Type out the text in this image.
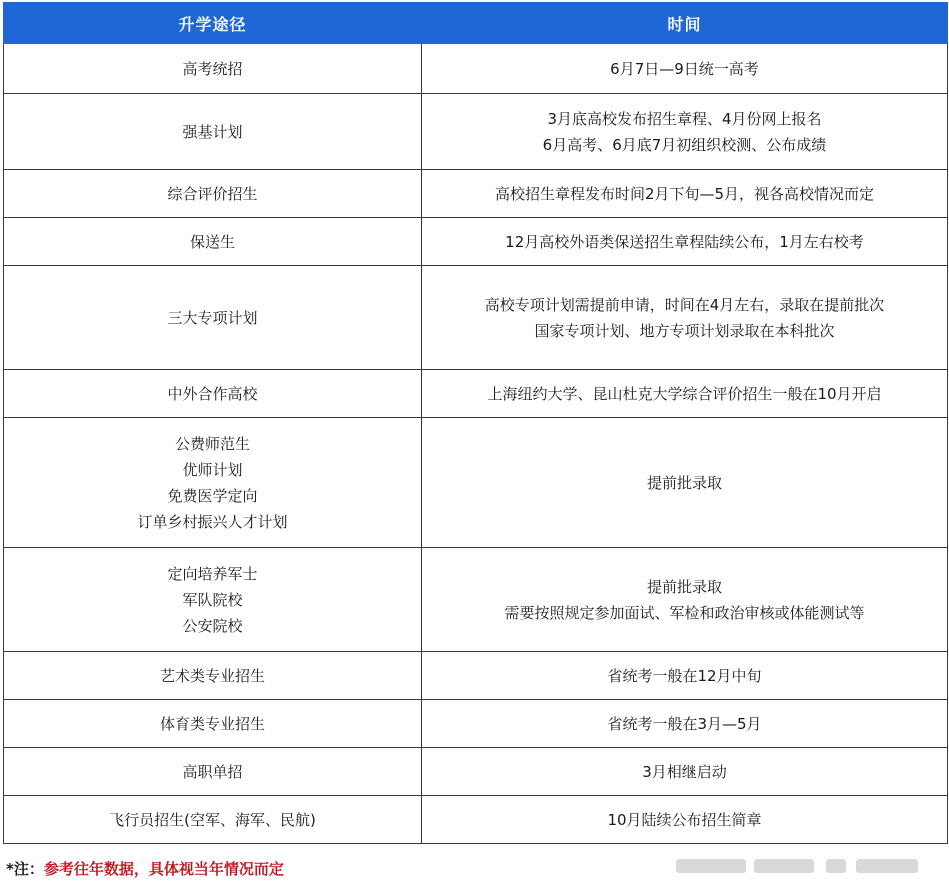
升学途径	时间

高考统招	6月7日—9日统一高考

强基计划	3月底高校发布招生章程、4月份网上报名
6月高考、6月底7月初组织校测、公布成绩

综合评价招生	高校招生章程发布时间2月下旬—5月，视各高校情况而定

保送生	12月高校外语类保送招生章程陆续公布，1月左右校考

三大专项计划	高校专项计划需提前申请，时间在4月左右，录取在提前批次
国家专项计划、地方专项计划录取在本科批次

中外合作高校	上海纽约大学、昆山杜克大学综合评价招生一般在10月开启

公费师范生
优师计划
免费医学定向
订单乡村振兴人才计划	提前批录取

定向培养军士
军队院校
公安院校	提前批录取
需要按照规定参加面试、军检和政治审核或体能测试等

艺术类专业招生	省统考一般在12月中旬

体育类专业招生	省统考一般在3月—5月

高职单招	3月相继启动

飞行员招生(空军、海军、民航)	10月陆续公布招生简章
*注：参考往年数据，具体视当年情况而定
